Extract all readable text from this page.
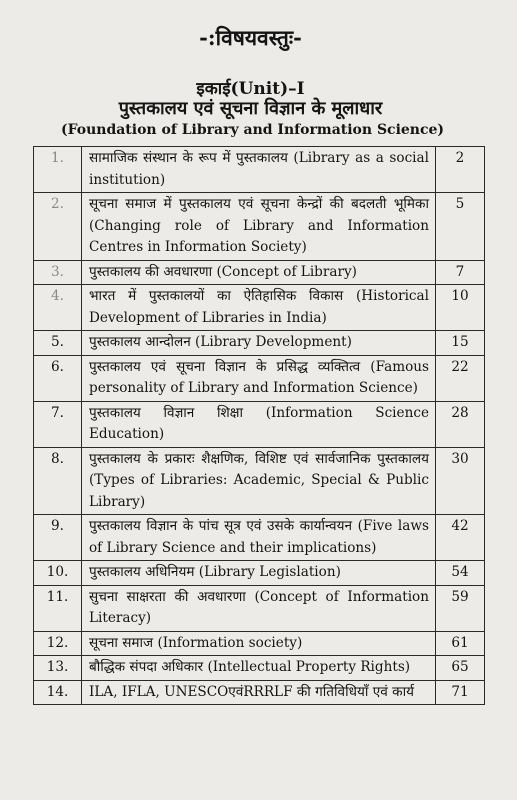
-:विषयवस्तुः-
इकाई(Unit)–I
पुस्तकालय एवं सूचना विज्ञान के मूलाधार
(Foundation of Library and Information Science)
1.	सामाजिक संस्थान के रूप में पुस्तकालय (Library as a social institution)	2
2.	सूचना समाज में पुस्तकालय एवं सूचना केन्द्रों की बदलती भूमिका (Changing role of Library and Information Centres in Information Society)	5
3.	पुस्तकालय की अवधारणा (Concept of Library)	7
4.	भारत में पुस्तकालयों का ऐतिहासिक विकास (Historical Development of Libraries in India)	10
5.	पुस्तकालय आन्दोलन (Library Development)	15
6.	पुस्तकालय एवं सूचना विज्ञान के प्रसिद्ध व्यक्तित्व (Famous personality of Library and Information Science)	22
7.	पुस्तकालय विज्ञान शिक्षा (Information Science Education)	28
8.	पुस्तकालय के प्रकारः शैक्षणिक, विशिष्ट एवं सार्वजानिक पुस्तकालय (Types of Libraries: Academic, Special & Public Library)	30
9.	पुस्तकालय विज्ञान के पांच सूत्र एवं उसके कार्यान्वयन (Five laws of Library Science and their implications)	42
10.	पुस्तकालय अधिनियम (Library Legislation)	54
11.	सुचना साक्षरता की अवधारणा (Concept of Information Literacy)	59
12.	सूचना समाज (Information society)	61
13.	बौद्धिक संपदा अधिकार (Intellectual Property Rights)	65
14.	ILA, IFLA, UNESCOएवंRRRLF की गतिविधियाँ एवं कार्य	71
